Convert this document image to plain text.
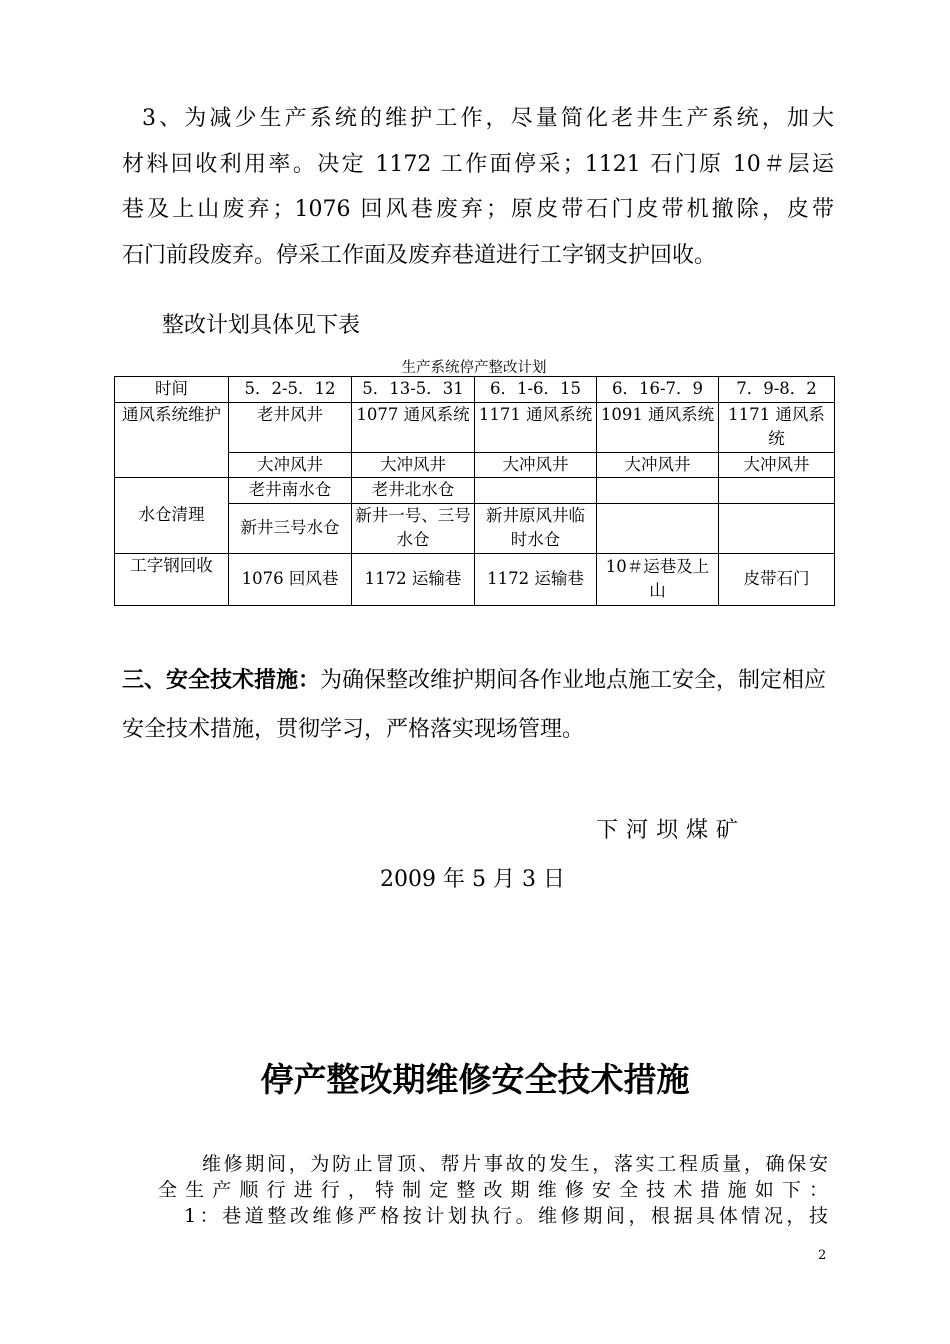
3、为减少生产系统的维护工作，尽量简化老井生产系统，加大
材料回收利用率。决定 1172 工作面停采；1121 石门原 10＃层运
巷及上山废弃；1076 回风巷废弃；原皮带石门皮带机撤除，皮带
石门前段废弃。停采工作面及废弃巷道进行工字钢支护回收。
整改计划具体见下表
生产系统停产整改计划
时间	5．2-5．12	5．13-5．31	6．1-6．15	6．16-7．9	7．9-8．2
通风系统维护	老井风井	1077 通风系统	1171 通风系统	1091 通风系统	1171 通风系统
	大冲风井	大冲风井	大冲风井	大冲风井	大冲风井
水仓清理	老井南水仓	老井北水仓			
	新井三号水仓	新井一号、三号水仓	新井原风井临时水仓		
工字钢回收	1076 回风巷	1172 运输巷	1172 运输巷	10＃运巷及上山	皮带石门
三、安全技术措施：为确保整改维护期间各作业地点施工安全，制定相应安全技术措施，贯彻学习，严格落实现场管理。
下河坝煤矿
2009 年 5 月 3 日
停产整改期维修安全技术措施
维修期间，为防止冒顶、帮片事故的发生，落实工程质量，确保安
全生产顺行进行，特制定整改期维修安全技术措施如下：
1：巷道整改维修严格按计划执行。维修期间，根据具体情况，技
2
